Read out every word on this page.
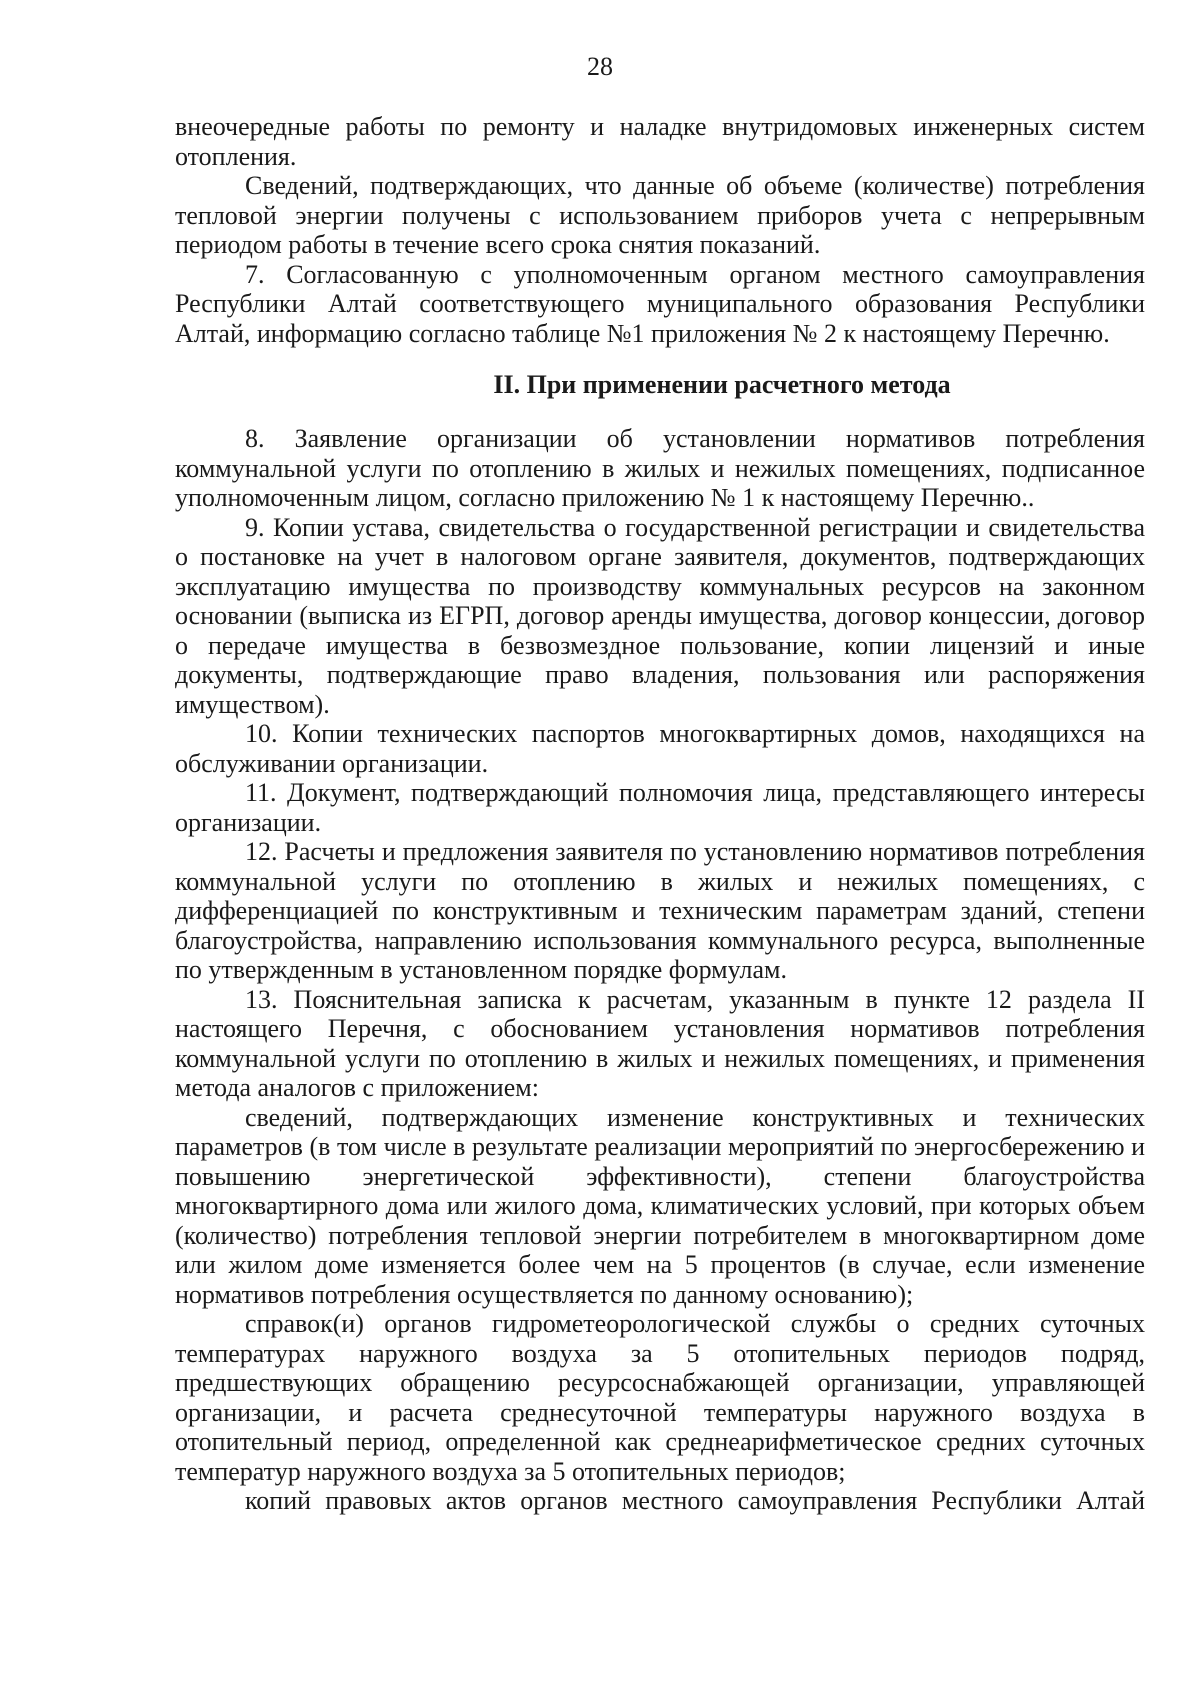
28

внеочередные работы по ремонту и наладке внутридомовых инженерных систем отопления.

Сведений, подтверждающих, что данные об объеме (количестве) потребления тепловой энергии получены с использованием приборов учета с непрерывным периодом работы в течение всего срока снятия показаний.

7. Согласованную с уполномоченным органом местного самоуправления Республики Алтай соответствующего муниципального образования Республики Алтай, информацию согласно таблице №1 приложения № 2 к настоящему Перечню.

II. При применении расчетного метода

8. Заявление организации об установлении нормативов потребления коммунальной услуги по отоплению в жилых и нежилых помещениях, подписанное уполномоченным лицом, согласно приложению № 1 к настоящему Перечню..

9. Копии устава, свидетельства о государственной регистрации и свидетельства о постановке на учет в налоговом органе заявителя, документов, подтверждающих эксплуатацию имущества по производству коммунальных ресурсов на законном основании (выписка из ЕГРП, договор аренды имущества, договор концессии, договор о передаче имущества в безвозмездное пользование, копии лицензий и иные документы, подтверждающие право владения, пользования или распоряжения имуществом).

10. Копии технических паспортов многоквартирных домов, находящихся на обслуживании организации.

11. Документ, подтверждающий полномочия лица, представляющего интересы организации.

12. Расчеты и предложения заявителя по установлению нормативов потребления коммунальной услуги по отоплению в жилых и нежилых помещениях, с дифференциацией по конструктивным и техническим параметрам зданий, степени благоустройства, направлению использования коммунального ресурса, выполненные по утвержденным в установленном порядке формулам.

13. Пояснительная записка к расчетам, указанным в пункте 12 раздела II настоящего Перечня, с обоснованием установления нормативов потребления коммунальной услуги по отоплению в жилых и нежилых помещениях, и применения метода аналогов с приложением:

сведений, подтверждающих изменение конструктивных и технических параметров (в том числе в результате реализации мероприятий по энергосбережению и повышению энергетической эффективности), степени благоустройства многоквартирного дома или жилого дома, климатических условий, при которых объем (количество) потребления тепловой энергии потребителем в многоквартирном доме или жилом доме изменяется более чем на 5 процентов (в случае, если изменение нормативов потребления осуществляется по данному основанию);

справок(и) органов гидрометеорологической службы о средних суточных температурах наружного воздуха за 5 отопительных периодов подряд, предшествующих обращению ресурсоснабжающей организации, управляющей организации, и расчета среднесуточной температуры наружного воздуха в отопительный период, определенной как среднеарифметическое средних суточных температур наружного воздуха за 5 отопительных периодов;

копий правовых актов органов местного самоуправления Республики Алтай
